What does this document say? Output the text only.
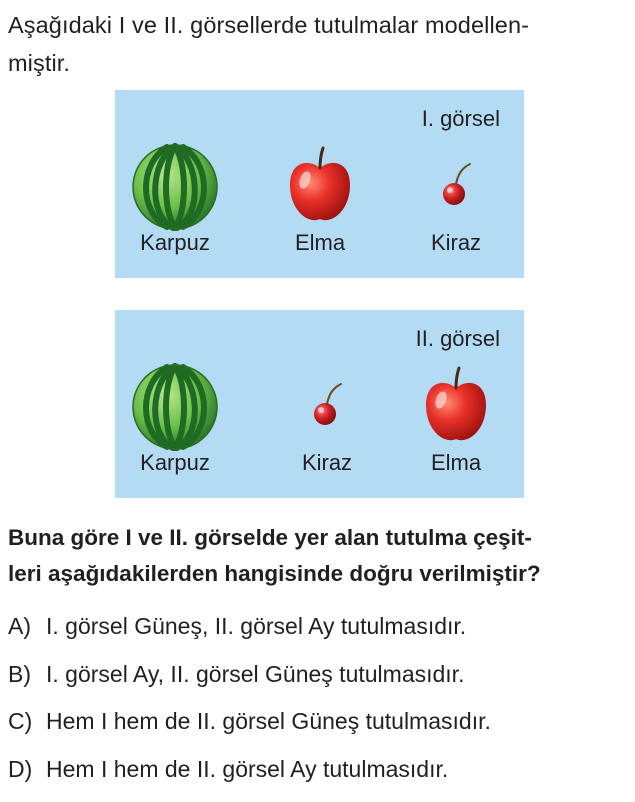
Aşağıdaki I ve II. görsellerde tutulmalar modellen-
miştir.
I. görsel
Karpuz	Elma	Kiraz
II. görsel
Karpuz	Kiraz	Elma
Buna göre I ve II. görselde yer alan tutulma çeşit-
leri aşağıdakilerden hangisinde doğru verilmiştir?
A) I. görsel Güneş, II. görsel Ay tutulmasıdır.
B) I. görsel Ay, II. görsel Güneş tutulmasıdır.
C) Hem I hem de II. görsel Güneş tutulmasıdır.
D) Hem I hem de II. görsel Ay tutulmasıdır.
